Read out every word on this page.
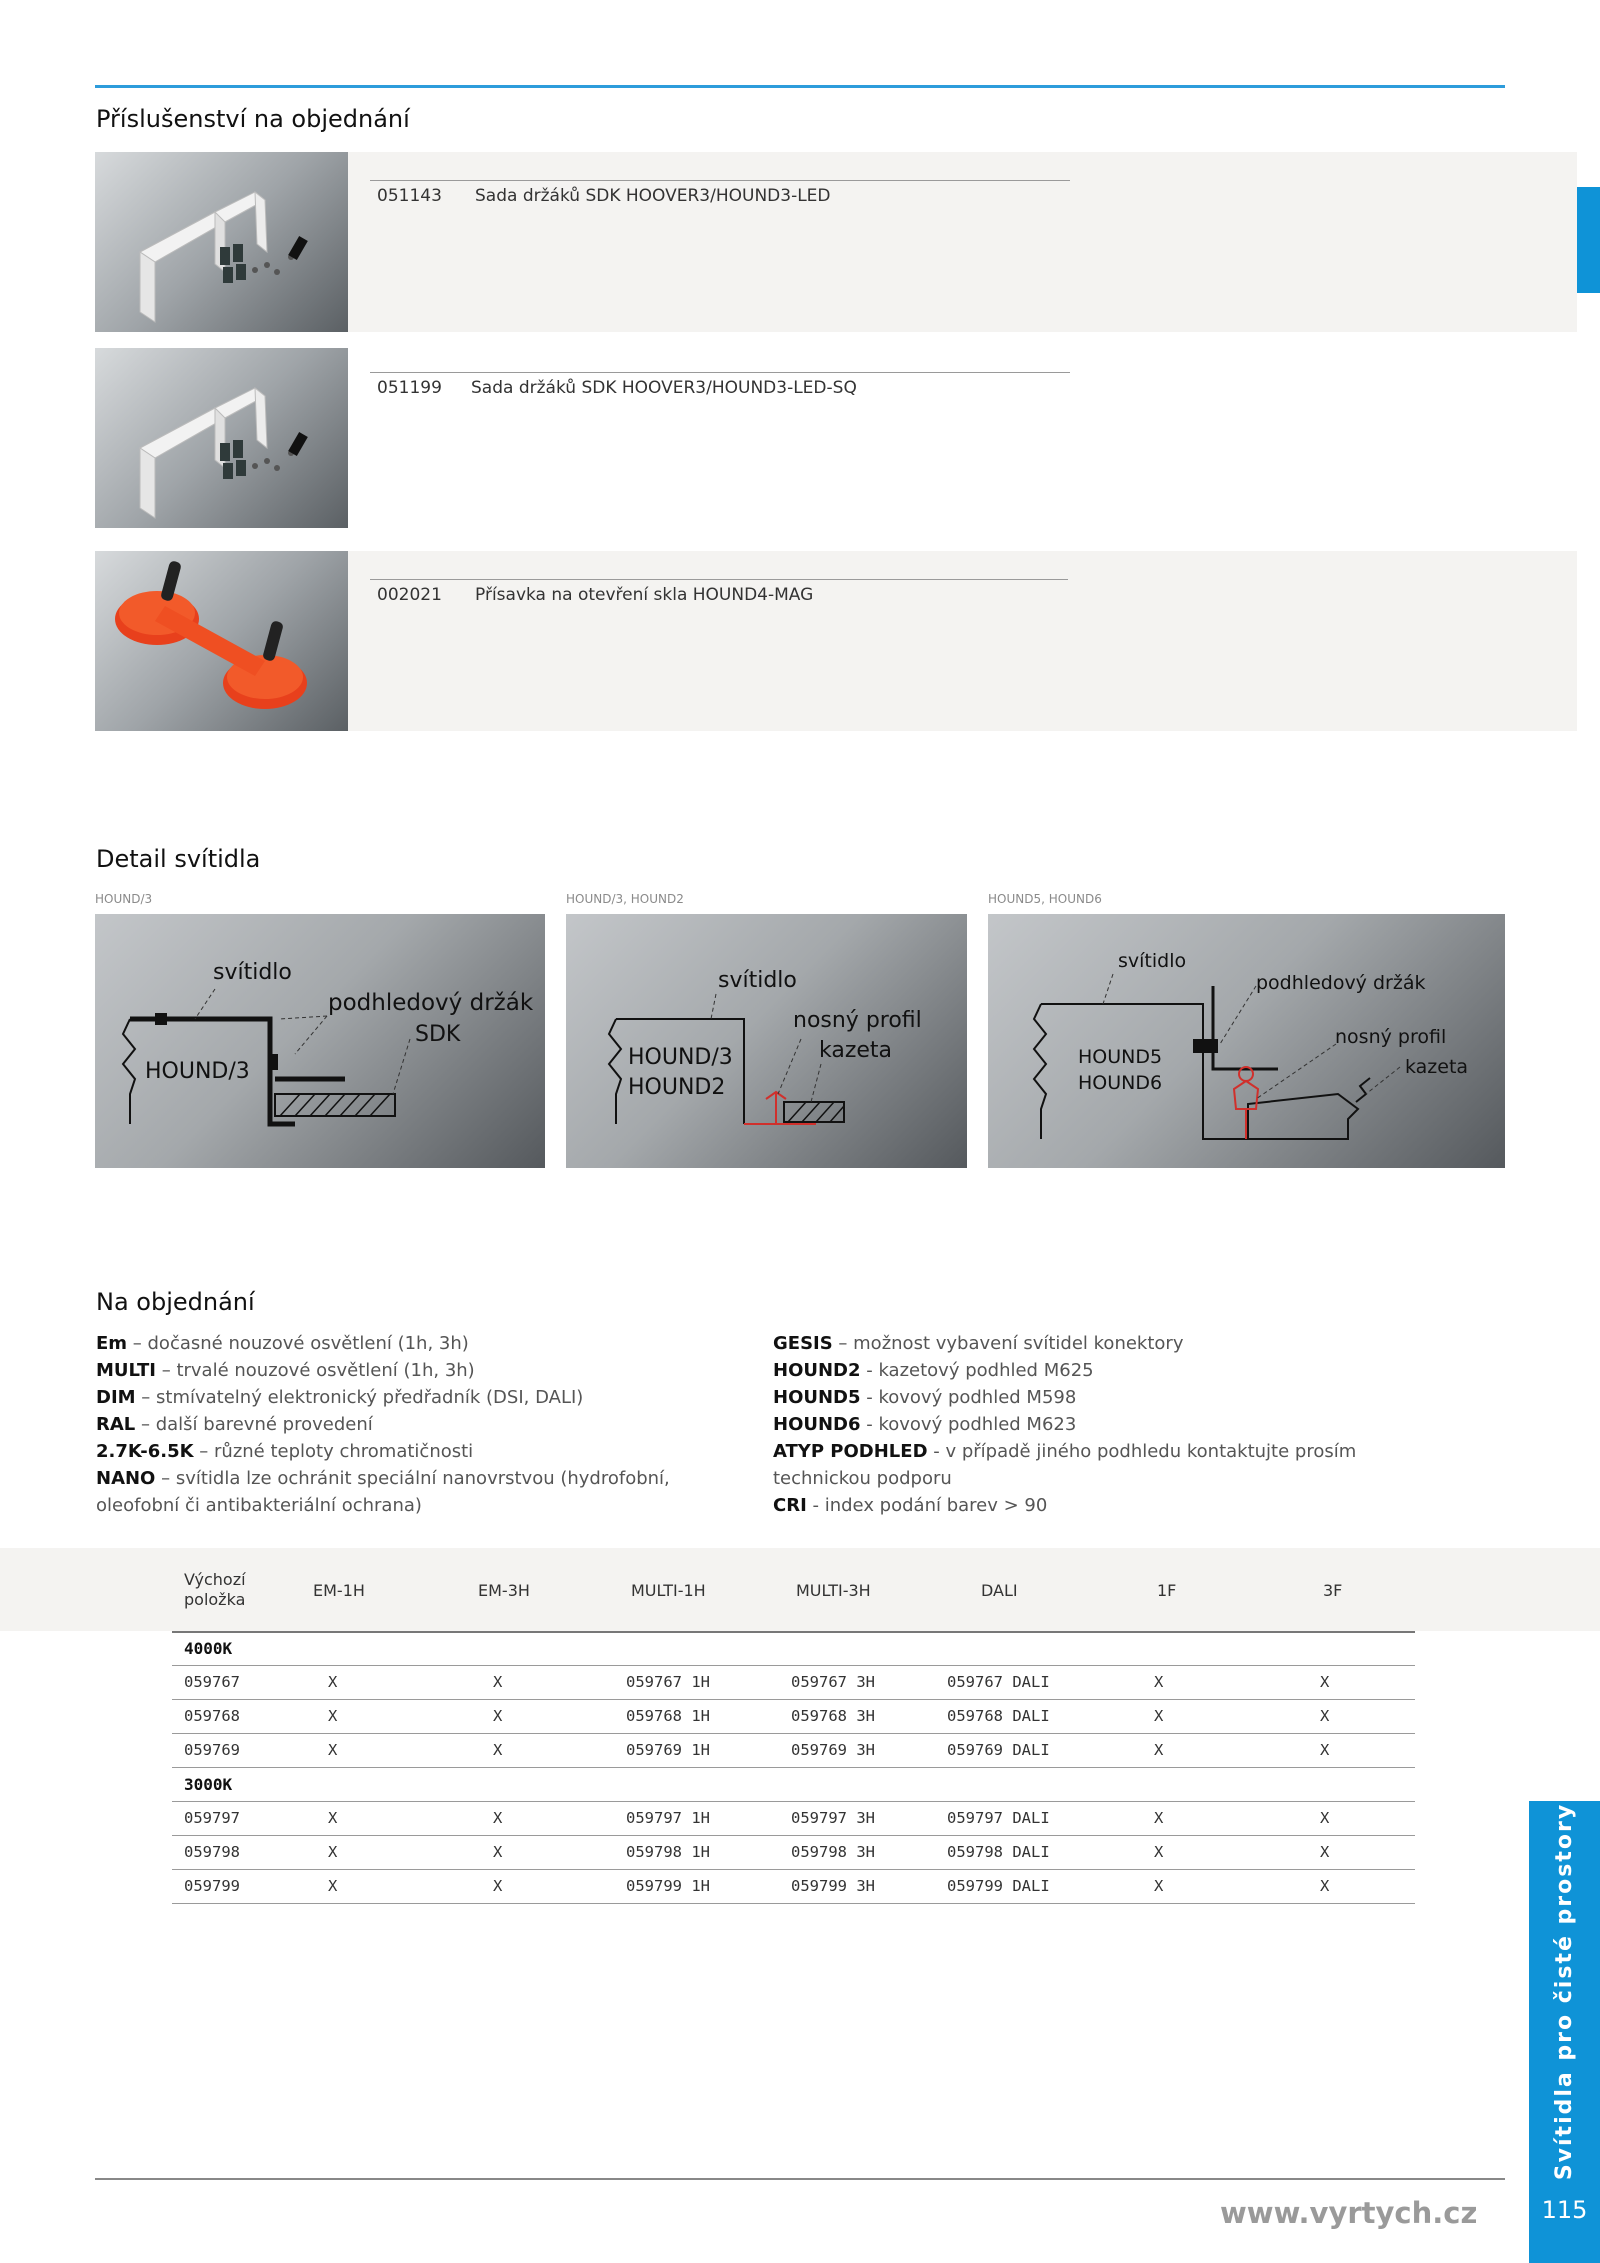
Svítidla pro čisté prostory
115
Příslušenství na objednání
051143 Sada držáků SDK HOOVER3/HOUND3-LED
051199 Sada držáků SDK HOOVER3/HOUND3-LED-SQ
002021 Přísavka na otevření skla HOUND4-MAG
Detail svítidla
HOUND/3	HOUND/3, HOUND2	HOUND5, HOUND6
svítidlo
podhledový držák
SDK
HOUND/3
svítidlo
nosný profil
kazeta
HOUND/3
HOUND2
svítidlo
podhledový držák
nosný profil
kazeta
HOUND5
HOUND6
Na objednání
Em – dočasné nouzové osvětlení (1h, 3h)
MULTI – trvalé nouzové osvětlení (1h, 3h)
DIM – stmívatelný elektronický předřadník (DSI, DALI)
RAL – další barevné provedení
2.7K-6.5K – různé teploty chromatičnosti
NANO – svítidla lze ochránit speciální nanovrstvou (hydrofobní,
oleofobní či antibakteriální ochrana)
GESIS – možnost vybavení svítidel konektory
HOUND2 - kazetový podhled M625
HOUND5 - kovový podhled M598
HOUND6 - kovový podhled M623
ATYP PODHLED - v případě jiného podhledu kontaktujte prosím
technickou podporu
CRI - index podání barev > 90
Výchozí
položka	EM-1H	EM-3H	MULTI-1H	MULTI-3H	DALI	1F	3F
4000K
059767	X	X	059767 1H	059767 3H	059767 DALI	X	X
059768	X	X	059768 1H	059768 3H	059768 DALI	X	X
059769	X	X	059769 1H	059769 3H	059769 DALI	X	X
3000K
059797	X	X	059797 1H	059797 3H	059797 DALI	X	X
059798	X	X	059798 1H	059798 3H	059798 DALI	X	X
059799	X	X	059799 1H	059799 3H	059799 DALI	X	X
www.vyrtych.cz
